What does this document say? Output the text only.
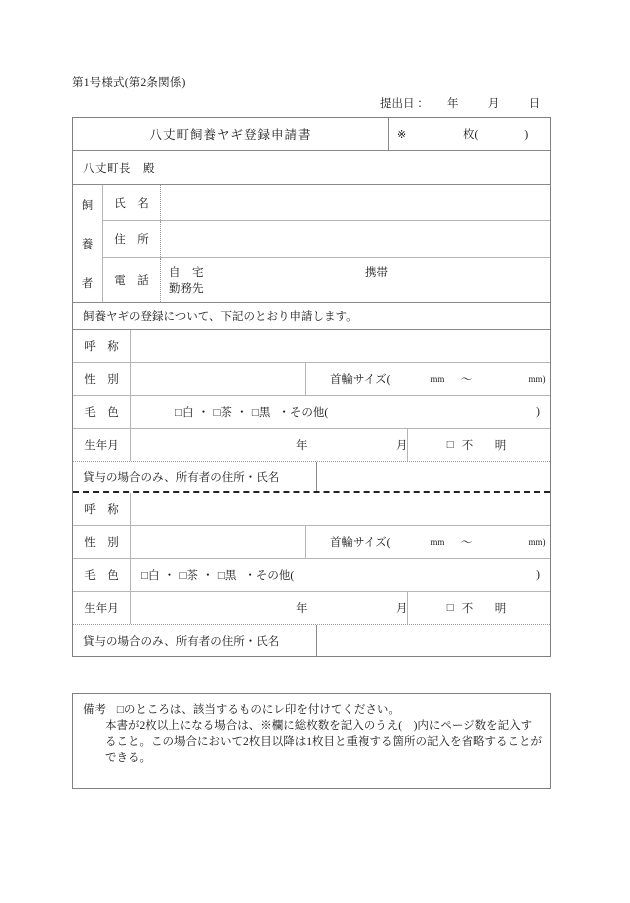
第1号様式(第2条関係)
提出日 ： 年	月	日
八丈町飼養ヤギ登録申請書	※	枚(　　　　)
八丈町長　殿
飼
養
者
氏　名
住　所
電　話
自　宅	携帯
勤務先
飼養ヤギの登録について、下記のとおり申請します。
呼　称
性　別	首輪サイズ(	mm	～	mm)
毛　色	□白 ・ □茶 ・ □黒 ・その他(	)
生年月	年	月	□ 不　明
貸与の場合のみ、所有者の住所・氏名
呼　称
性　別	首輪サイズ(	mm	～	mm)
毛　色	□白 ・ □茶 ・ □黒 ・その他(	)
生年月	年	月	□ 不　明
貸与の場合のみ、所有者の住所・氏名
備考 □のところは、該当するものにレ印を付けてください。
本書が2枚以上になる場合は、※欄に総枚数を記入のうえ(　)内にページ数を記入す
ること。この場合において2枚目以降は1枚目と重複する箇所の記入を省略することが
できる。
